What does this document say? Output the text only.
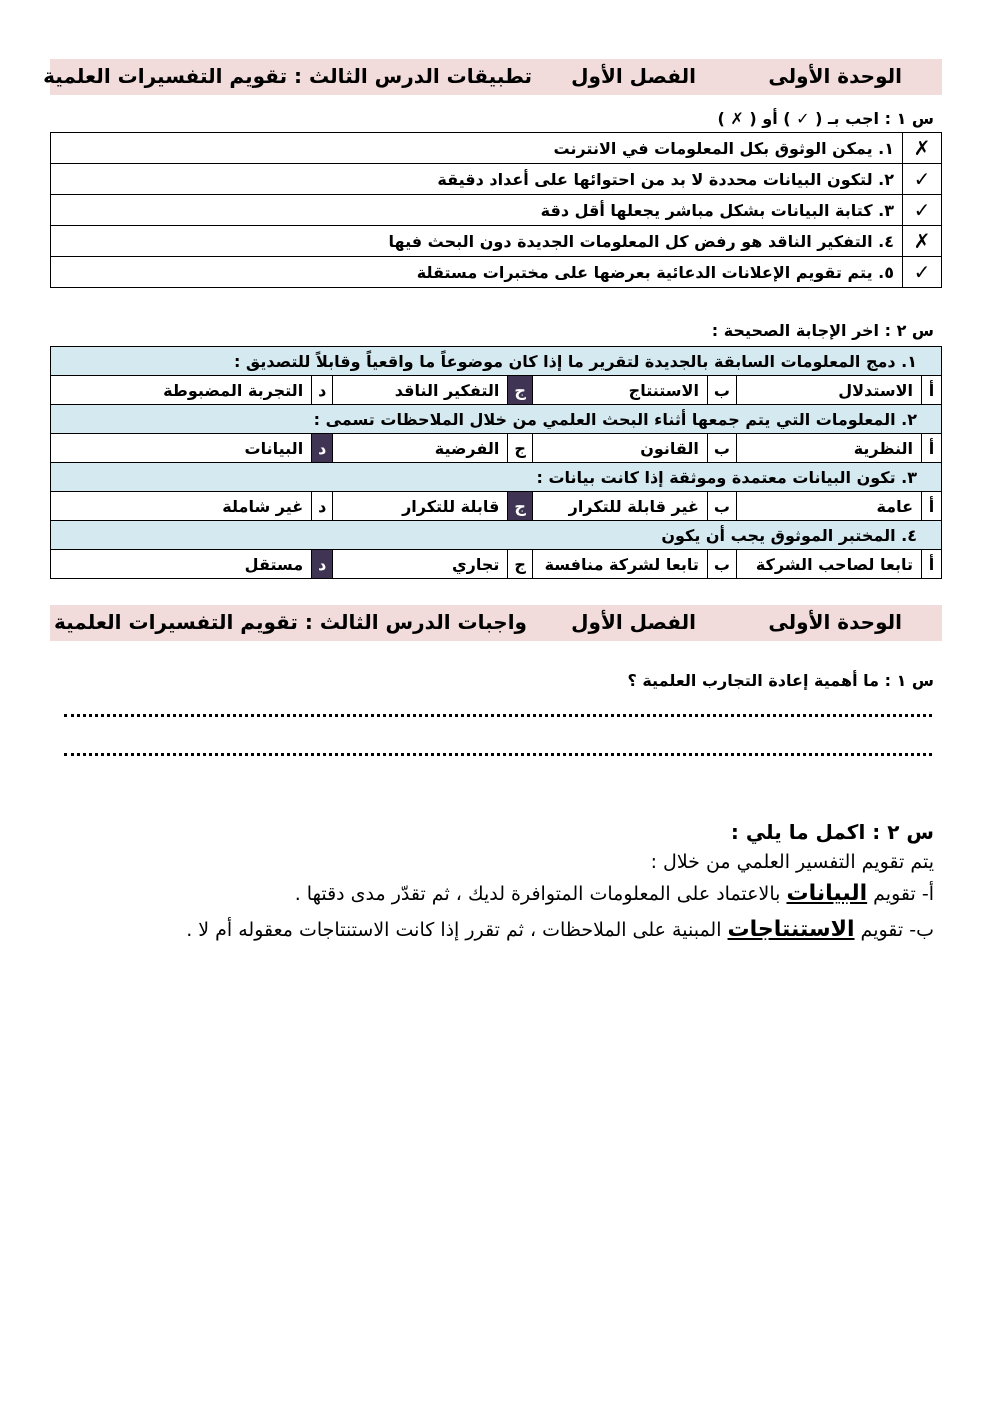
الوحدة الأولى
الفصل الأول
تطبيقات الدرس الثالث : تقويم التفسيرات العلمية
س ١ : اجب بـ ( ✓ ) أو ( ✗ )
✗	١. يمكن الوثوق بكل المعلومات في الانترنت
✓	٢. لتكون البيانات محددة لا بد من احتوائها على أعداد دقيقة
✓	٣. كتابة البيانات بشكل مباشر يجعلها أقل دقة
✗	٤. التفكير الناقد هو رفض كل المعلومات الجديدة دون البحث فيها
✓	٥. يتم تقويم الإعلانات الدعائية بعرضها على مختبرات مستقلة
س ٢ : اخر الإجابة الصحيحة :
١. دمج المعلومات السابقة بالجديدة لتقرير ما إذا كان موضوعاً ما واقعياً وقابلاً للتصديق :							
أ	الاستدلال	ب	الاستنتاج	ج	التفكير الناقد	د	التجربة المضبوطة
٢. المعلومات التي يتم جمعها أثناء البحث العلمي من خلال الملاحظات تسمى :							
أ	النظرية	ب	القانون	ج	الفرضية	د	البيانات
٣. تكون البيانات معتمدة وموثقة إذا كانت بيانات :							
أ	عامة	ب	غير قابلة للتكرار	ج	قابلة للتكرار	د	غير شاملة
٤. المختبر الموثوق يجب أن يكون							
أ	تابعا لصاحب الشركة	ب	تابعا لشركة منافسة	ج	تجاري	د	مستقل
الوحدة الأولى
الفصل الأول
واجبات الدرس الثالث : تقويم التفسيرات العلمية
س ١ : ما أهمية إعادة التجارب العلمية ؟
س ٢ : اكمل ما يلي :
يتم تقويم التفسير العلمي من خلال :
أ- تقويم البيانات بالاعتماد على المعلومات المتوافرة لديك ، ثم تقدّر مدى دقتها .
ب- تقويم الاستنتاجات المبنية على الملاحظات ، ثم تقرر إذا كانت الاستنتاجات معقوله أم لا .
